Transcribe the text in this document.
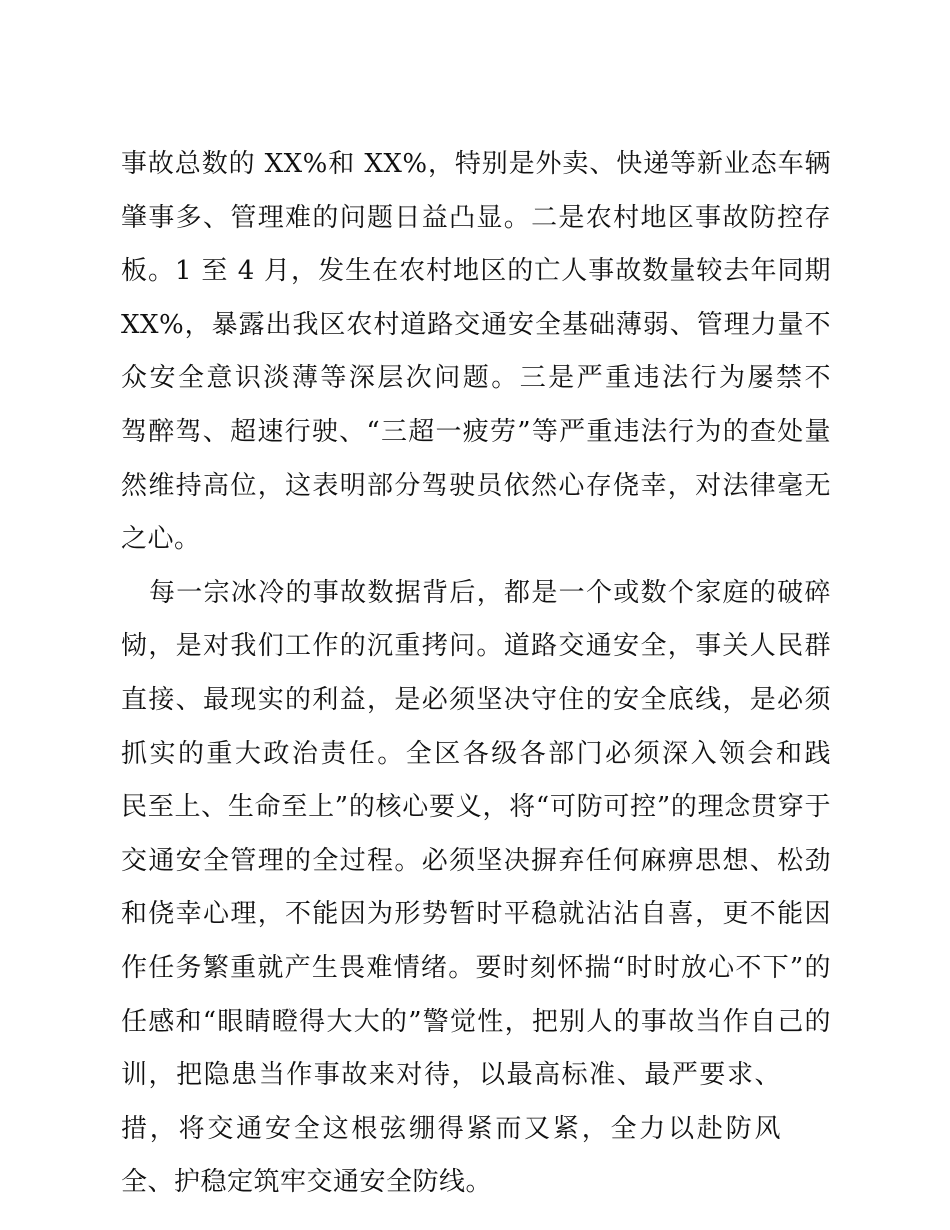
事故总数的 XX%和 XX%，特别是外卖、快递等新业态车辆
肇事多、管理难的问题日益凸显。二是农村地区事故防控存
板。1 至 4 月，发生在农村地区的亡人事故数量较去年同期
XX%，暴露出我区农村道路交通安全基础薄弱、管理力量不
众安全意识淡薄等深层次问题。三是严重违法行为屡禁不
驾醉驾、超速行驶、“三超一疲劳”等严重违法行为的查处量
然维持高位，这表明部分驾驶员依然心存侥幸，对法律毫无
之心。
每一宗冰冷的事故数据背后，都是一个或数个家庭的破碎
恸，是对我们工作的沉重拷问。道路交通安全，事关人民群
直接、最现实的利益，是必须坚决守住的安全底线，是必须
抓实的重大政治责任。全区各级各部门必须深入领会和践
民至上、生命至上”的核心要义，将“可防可控”的理念贯穿于
交通安全管理的全过程。必须坚决摒弃任何麻痹思想、松劲
和侥幸心理，不能因为形势暂时平稳就沾沾自喜，更不能因
作任务繁重就产生畏难情绪。要时刻怀揣“时时放心不下”的
任感和“眼睛瞪得大大的”警觉性，把别人的事故当作自己的
训，把隐患当作事故来对待，以最高标准、最严要求、
措，将交通安全这根弦绷得紧而又紧，全力以赴防风
全、护稳定筑牢交通安全防线。
